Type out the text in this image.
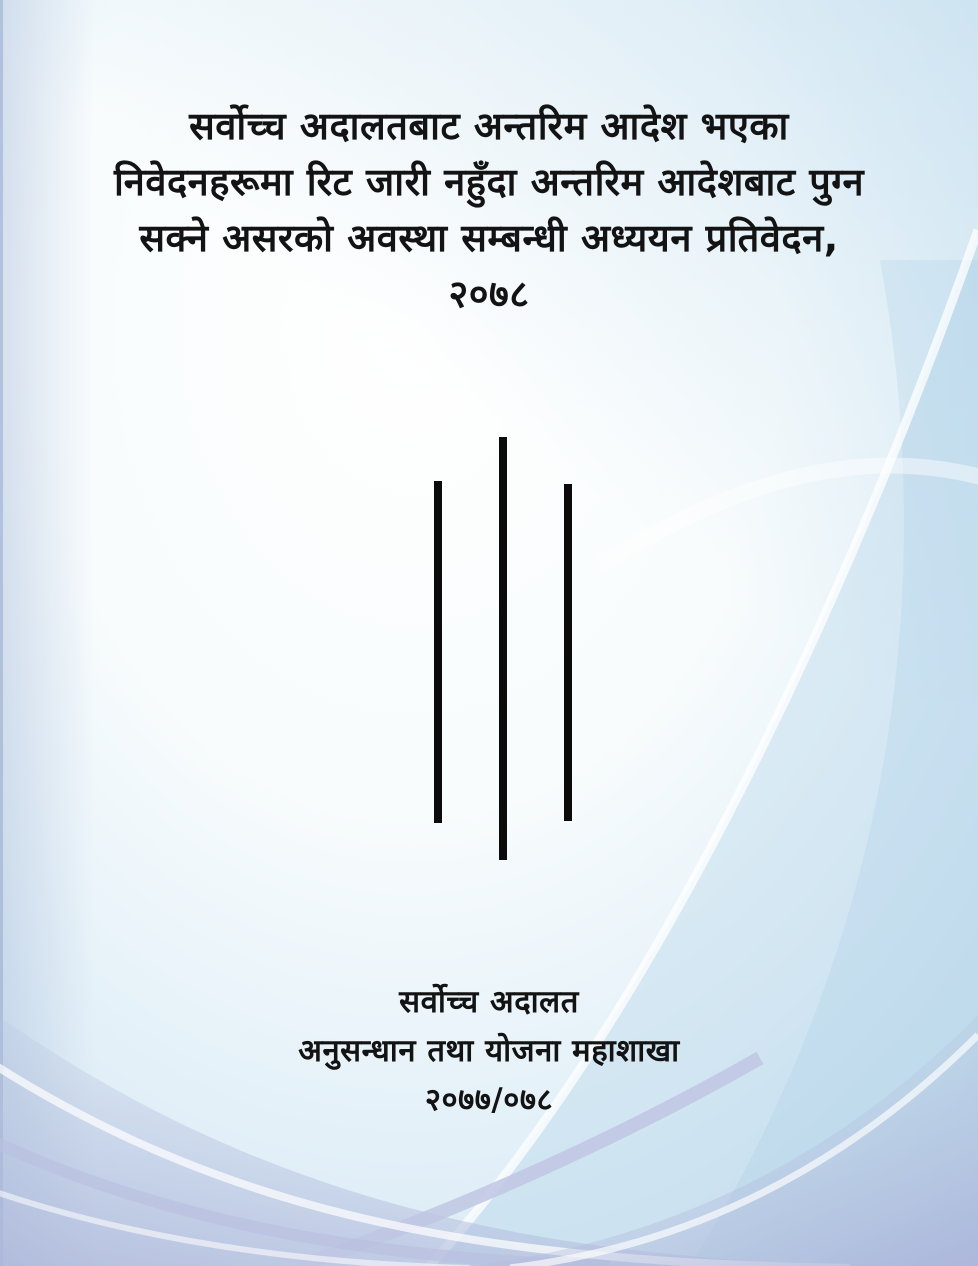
सर्वोच्च अदालतबाट अन्तरिम आदेश भएका
निवेदनहरूमा रिट जारी नहुँदा अन्तरिम आदेशबाट पुग्न
सक्ने असरको अवस्था सम्बन्धी अध्ययन प्रतिवेदन,
२०७८
सर्वोच्च अदालत
अनुसन्धान तथा योजना महाशाखा
२०७७/०७८
